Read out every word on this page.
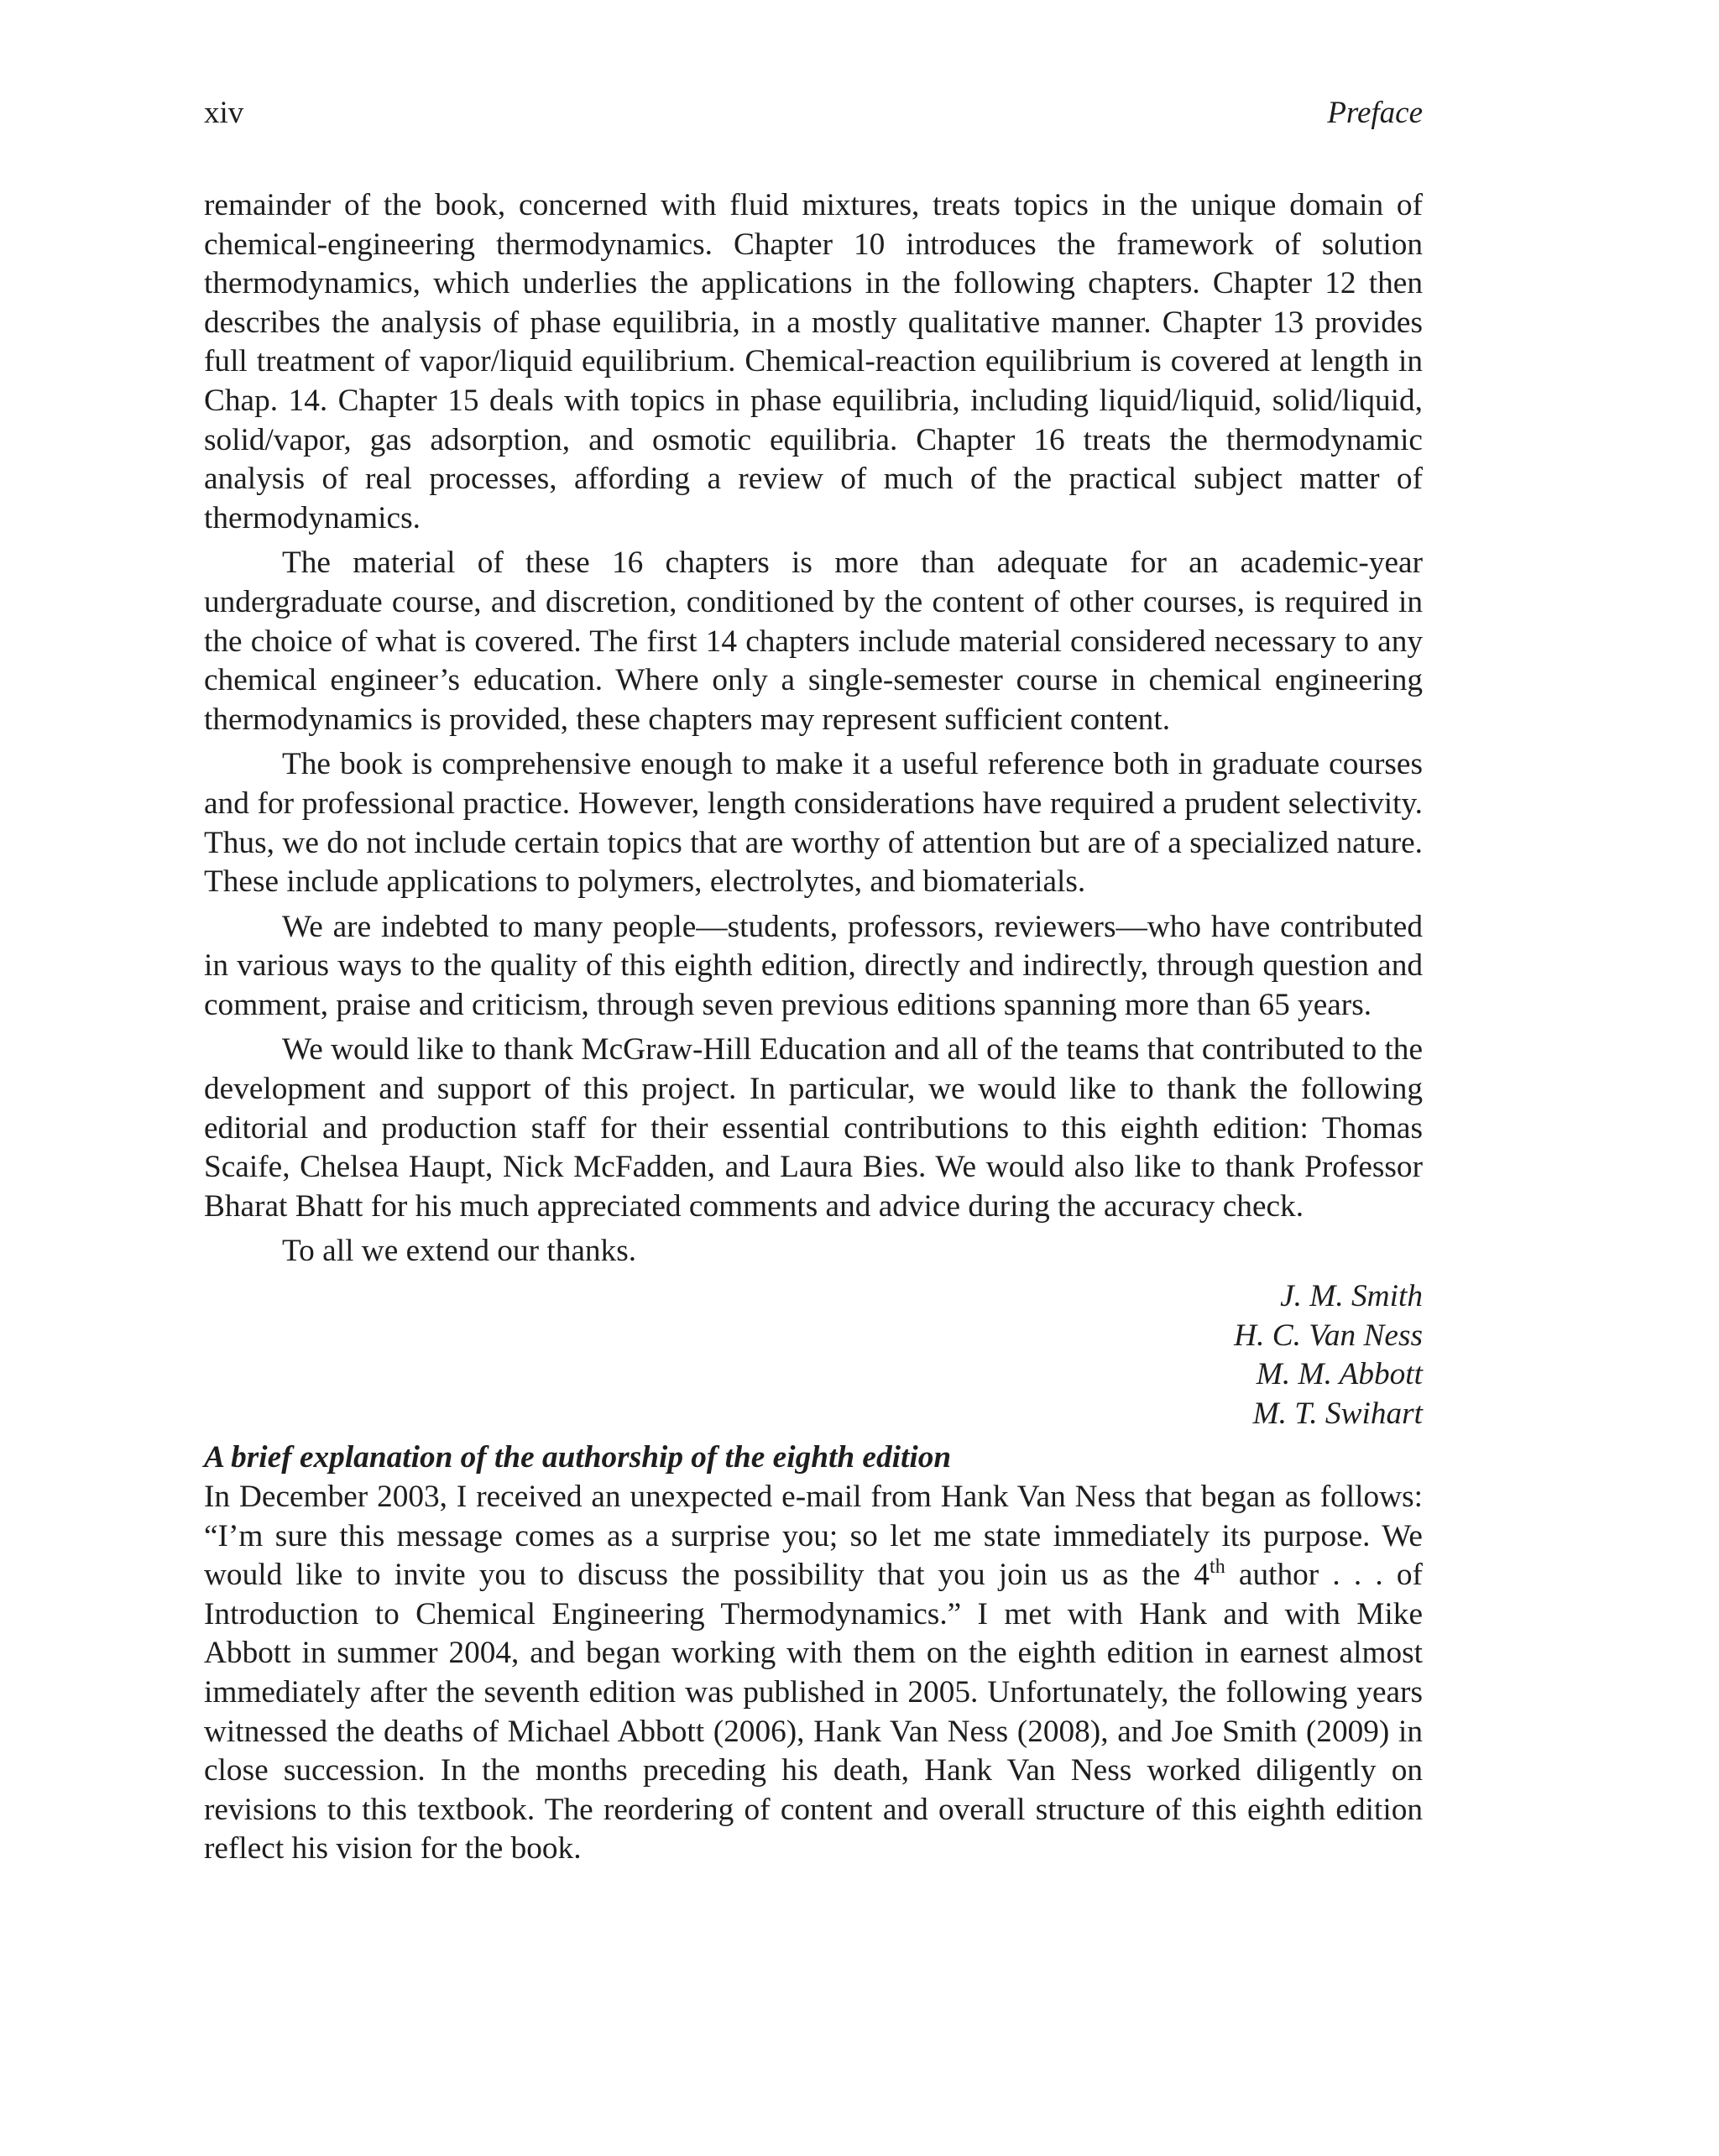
xiv	Preface

remainder of the book, concerned with fluid mixtures, treats topics in the unique domain of chemical-engineering thermodynamics. Chapter 10 introduces the framework of solution thermodynamics, which underlies the applications in the following chapters. Chapter 12 then describes the analysis of phase equilibria, in a mostly qualitative manner. Chapter 13 provides full treatment of vapor/liquid equilibrium. Chemical-reaction equilibrium is covered at length in Chap. 14. Chapter 15 deals with topics in phase equilibria, including liquid/liquid, solid/liquid, solid/vapor, gas adsorption, and osmotic equilibria. Chapter 16 treats the thermodynamic analysis of real processes, affording a review of much of the practical subject matter of thermodynamics.

The material of these 16 chapters is more than adequate for an academic-year undergraduate course, and discretion, conditioned by the content of other courses, is required in the choice of what is covered. The first 14 chapters include material considered necessary to any chemical engineer’s education. Where only a single-semester course in chemical engineering thermodynamics is provided, these chapters may represent sufficient content.

The book is comprehensive enough to make it a useful reference both in graduate courses and for professional practice. However, length considerations have required a prudent selectivity. Thus, we do not include certain topics that are worthy of attention but are of a specialized nature. These include applications to polymers, electrolytes, and biomaterials.

We are indebted to many people—students, professors, reviewers—who have contributed in various ways to the quality of this eighth edition, directly and indirectly, through question and comment, praise and criticism, through seven previous editions spanning more than 65 years.

We would like to thank McGraw-Hill Education and all of the teams that contributed to the development and support of this project. In particular, we would like to thank the following editorial and production staff for their essential contributions to this eighth edition: Thomas Scaife, Chelsea Haupt, Nick McFadden, and Laura Bies. We would also like to thank Professor Bharat Bhatt for his much appreciated comments and advice during the accuracy check.

To all we extend our thanks.

J. M. Smith
H. C. Van Ness
M. M. Abbott
M. T. Swihart
A brief explanation of the authorship of the eighth edition

In December 2003, I received an unexpected e-mail from Hank Van Ness that began as follows: “I’m sure this message comes as a surprise you; so let me state immediately its purpose. We would like to invite you to discuss the possibility that you join us as the 4th author . . . of Introduction to Chemical Engineering Thermodynamics.” I met with Hank and with Mike Abbott in summer 2004, and began working with them on the eighth edition in earnest almost immediately after the seventh edition was published in 2005. Unfortunately, the following years witnessed the deaths of Michael Abbott (2006), Hank Van Ness (2008), and Joe Smith (2009) in close succession. In the months preceding his death, Hank Van Ness worked diligently on revisions to this textbook. The reordering of content and overall structure of this eighth edition reflect his vision for the book.
